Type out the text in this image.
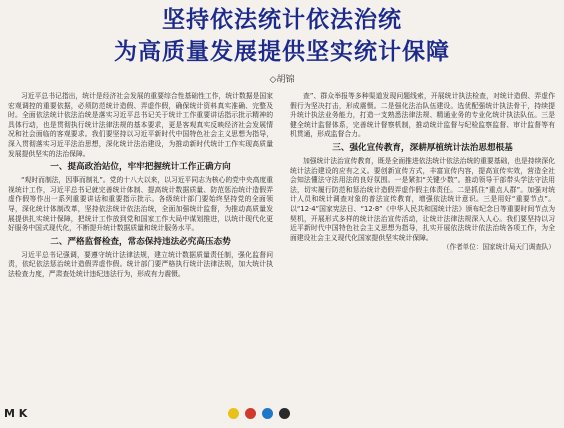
坚持依法统计依法治统
为高质量发展提供坚实统计保障
◇胡锦

习近平总书记指出，统计是经济社会发展的重要综合性基础性工作，统计数据是国家宏观调控的重要依据，必须防范统计造假、弄虚作假，确保统计资料真实准确、完整及时。全面依法统计依法治统是落实习近平总书记关于统计工作重要讲话指示批示精神的具体行动，也是贯彻执行统计法律法规的基本要求，更是客观真实反映经济社会发展情况和社会面临的客观要求。我们要坚持以习近平新时代中国特色社会主义思想为指导，深入贯彻落实习近平法治思想，深化统计法治建设，为推动新时代统计工作实现高质量发展提供坚实的法治保障。

一、提高政治站位，牢牢把握统计工作正确方向

“观时而制法，因事而制礼”。党的十八大以来，以习近平同志为核心的党中央高度重视统计工作，习近平总书记就完善统计体制、提高统计数据质量、防范惩治统计造假弄虚作假等作出一系列重要讲话和重要指示批示。各级统计部门要始终坚持党的全面领导，深化统计体制改革，坚持依法统计依法治统，全面加强统计监督，为推动高质量发展提供扎实统计保障，把统计工作放到党和国家工作大局中谋划推进，以统计现代化更好服务中国式现代化，不断提升统计数据质量和统计服务水平。

二、严格监督检查，常态保持违法必究高压态势

习近平总书记强调，要遵守统计法律法规，建立统计数据质量责任制，强化监督问责，依纪依法惩治统计造假弄虚作假。统计部门要严格执行统计法律法规，加大统计执法检查力度，严肃查处统计违纪违法行为，形成有力震慑。

查”、群众举报等多种渠道发现问题线索，开展统计执法检查，对统计造假、弄虚作假行为坚决打击，形成震慑。二是强化法治队伍建设。选优配强统计执法骨干，持续提升统计执法业务能力，打造一支熟悉法律法规、精通业务的专业化统计执法队伍。三是健全统计监督体系，完善统计督察机制，推动统计监督与纪检监察监督、审计监督等有机贯通，形成监督合力。

三、强化宣传教育，深耕厚植统计法治思想根基

加强统计法治宣传教育，既是全面推进依法统计依法治统的重要基础，也是持续深化统计法治建设的应有之义。要创新宣传方式，丰富宣传内容，提高宣传实效，营造全社会知法懂法守法用法的良好氛围。一是紧扣“关键少数”。推动领导干部带头学法守法用法，切实履行防范和惩治统计造假弄虚作假主体责任。二是抓住“重点人群”。加强对统计人员和统计调查对象的普法宣传教育，增强依法统计意识。三是用好“重要节点”。以“12·4”国家宪法日、“12·8”《中华人民共和国统计法》颁布纪念日等重要时间节点为契机，开展形式多样的统计法治宣传活动，让统计法律法规深入人心。我们要坚持以习近平新时代中国特色社会主义思想为指导，扎实开展依法统计依法治统各项工作，为全面建设社会主义现代化国家提供坚实统计保障。

（作者单位：国家统计局天门调查队）
M K
